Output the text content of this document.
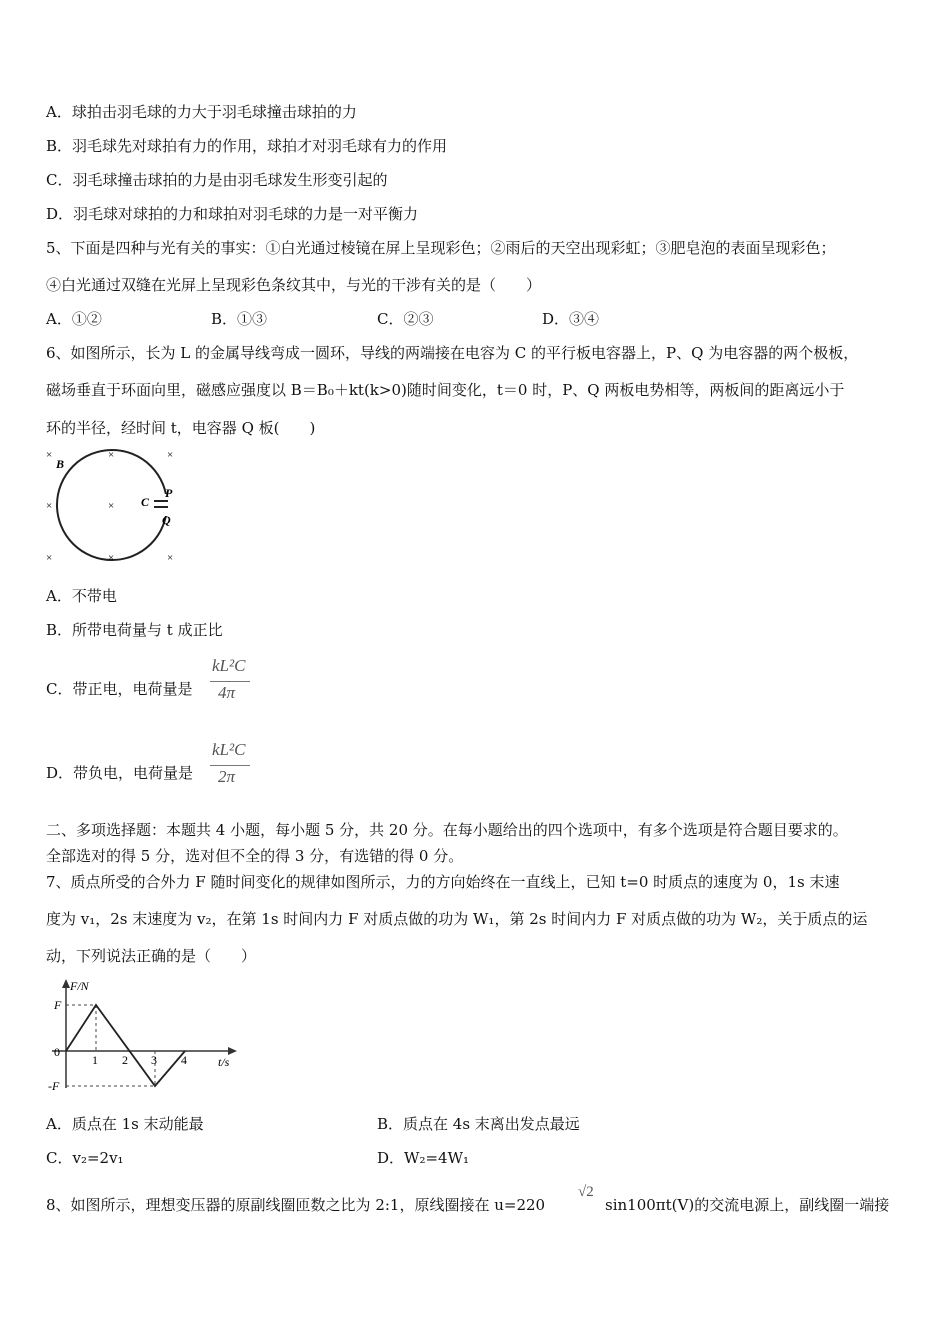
A．球拍击羽毛球的力大于羽毛球撞击球拍的力
B．羽毛球先对球拍有力的作用，球拍才对羽毛球有力的作用
C．羽毛球撞击球拍的力是由羽毛球发生形变引起的
D．羽毛球对球拍的力和球拍对羽毛球的力是一对平衡力
5、下面是四种与光有关的事实：①白光通过棱镜在屏上呈现彩色；②雨后的天空出现彩虹；③肥皂泡的表面呈现彩色；
④白光通过双缝在光屏上呈现彩色条纹其中，与光的干涉有关的是（　　）
A．①②	B．①③	C．②③	D．③④
6、如图所示，长为 L 的金属导线弯成一圆环，导线的两端接在电容为 C 的平行板电容器上，P、Q 为电容器的两个极板，
磁场垂直于环面向里，磁感应强度以 B＝B₀＋kt(k>0)随时间变化，t＝0 时，P、Q 两板电势相等，两板间的距离远小于
环的半径，经时间 t，电容器 Q 板(　　)
B
C
P
Q
×	×	×
×	×
×	×	×
A．不带电
B．所带电荷量与 t 成正比
C．带正电，电荷量是
kL²C
4π
D．带负电，电荷量是
kL²C
2π
二、多项选择题：本题共 4 小题，每小题 5 分，共 20 分。在每小题给出的四个选项中，有多个选项是符合题目要求的。
全部选对的得 5 分，选对但不全的得 3 分，有选错的得 0 分。
7、质点所受的合外力 F 随时间变化的规律如图所示，力的方向始终在一直线上，已知 t=0 时质点的速度为 0，1s 末速
度为 v₁，2s 末速度为 v₂，在第 1s 时间内力 F 对质点做的功为 W₁，第 2s 时间内力 F 对质点做的功为 W₂，关于质点的运
动，下列说法正确的是（　　）
F/N
t/s
F
-F
0
1 2 3 4
A．质点在 1s 末动能最	B．质点在 4s 末离出发点最远
C．v₂=2v₁	D．W₂=4W₁
8、如图所示，理想变压器的原副线圈匝数之比为 2:1，原线圈接在 u=220
√2
sin100πt(V)的交流电源上，副线圈一端接
